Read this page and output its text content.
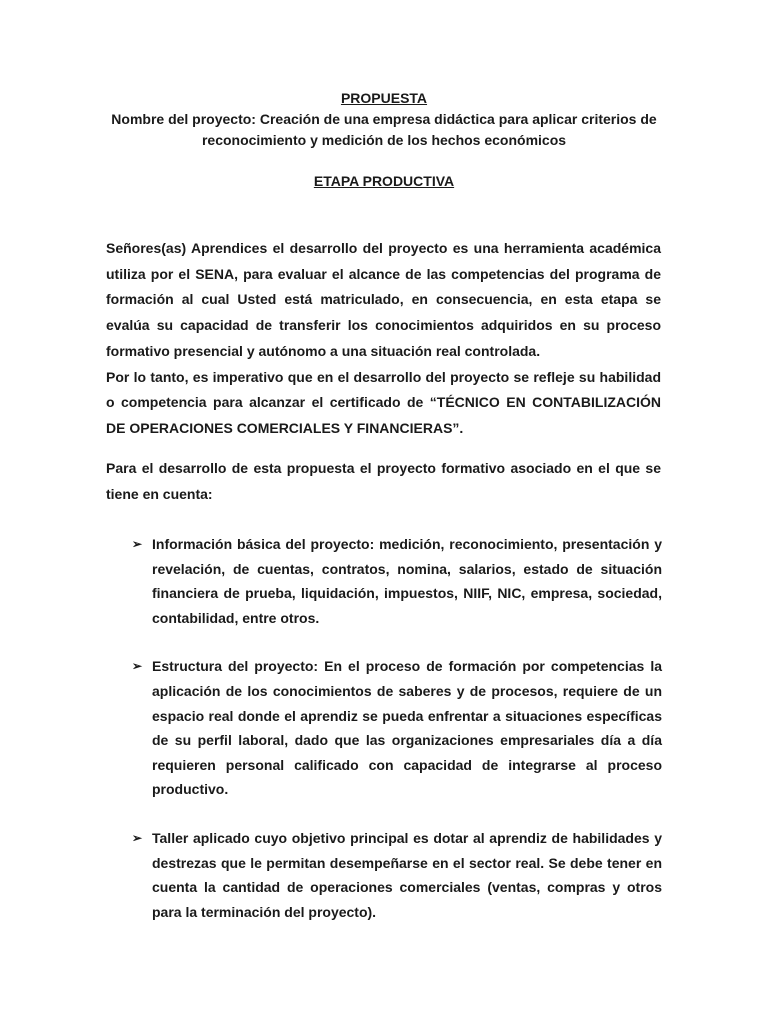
PROPUESTA
Nombre del proyecto: Creación de una empresa didáctica para aplicar criterios de reconocimiento y medición de los hechos económicos
ETAPA PRODUCTIVA
Señores(as) Aprendices el desarrollo del proyecto es una herramienta académica utiliza por el SENA, para evaluar el alcance de las competencias del programa de formación al cual Usted está matriculado, en consecuencia, en esta etapa se evalúa su capacidad de transferir los conocimientos adquiridos en su proceso formativo presencial y autónomo a una situación real controlada.
Por lo tanto, es imperativo que en el desarrollo del proyecto se refleje su habilidad o competencia para alcanzar el certificado de “TÉCNICO EN CONTABILIZACIÓN DE OPERACIONES COMERCIALES Y FINANCIERAS”.
Para el desarrollo de esta propuesta el proyecto formativo asociado en el que se tiene en cuenta:
➢ Información básica del proyecto: medición, reconocimiento, presentación y revelación, de cuentas, contratos, nomina, salarios, estado de situación financiera de prueba, liquidación, impuestos, NIIF, NIC, empresa, sociedad, contabilidad, entre otros.
➢ Estructura del proyecto: En el proceso de formación por competencias la aplicación de los conocimientos de saberes y de procesos, requiere de un espacio real donde el aprendiz se pueda enfrentar a situaciones específicas de su perfil laboral, dado que las organizaciones empresariales día a día requieren personal calificado con capacidad de integrarse al proceso productivo.
➢ Taller aplicado cuyo objetivo principal es dotar al aprendiz de habilidades y destrezas que le permitan desempeñarse en el sector real. Se debe tener en cuenta la cantidad de operaciones comerciales (ventas, compras y otros para la terminación del proyecto).
